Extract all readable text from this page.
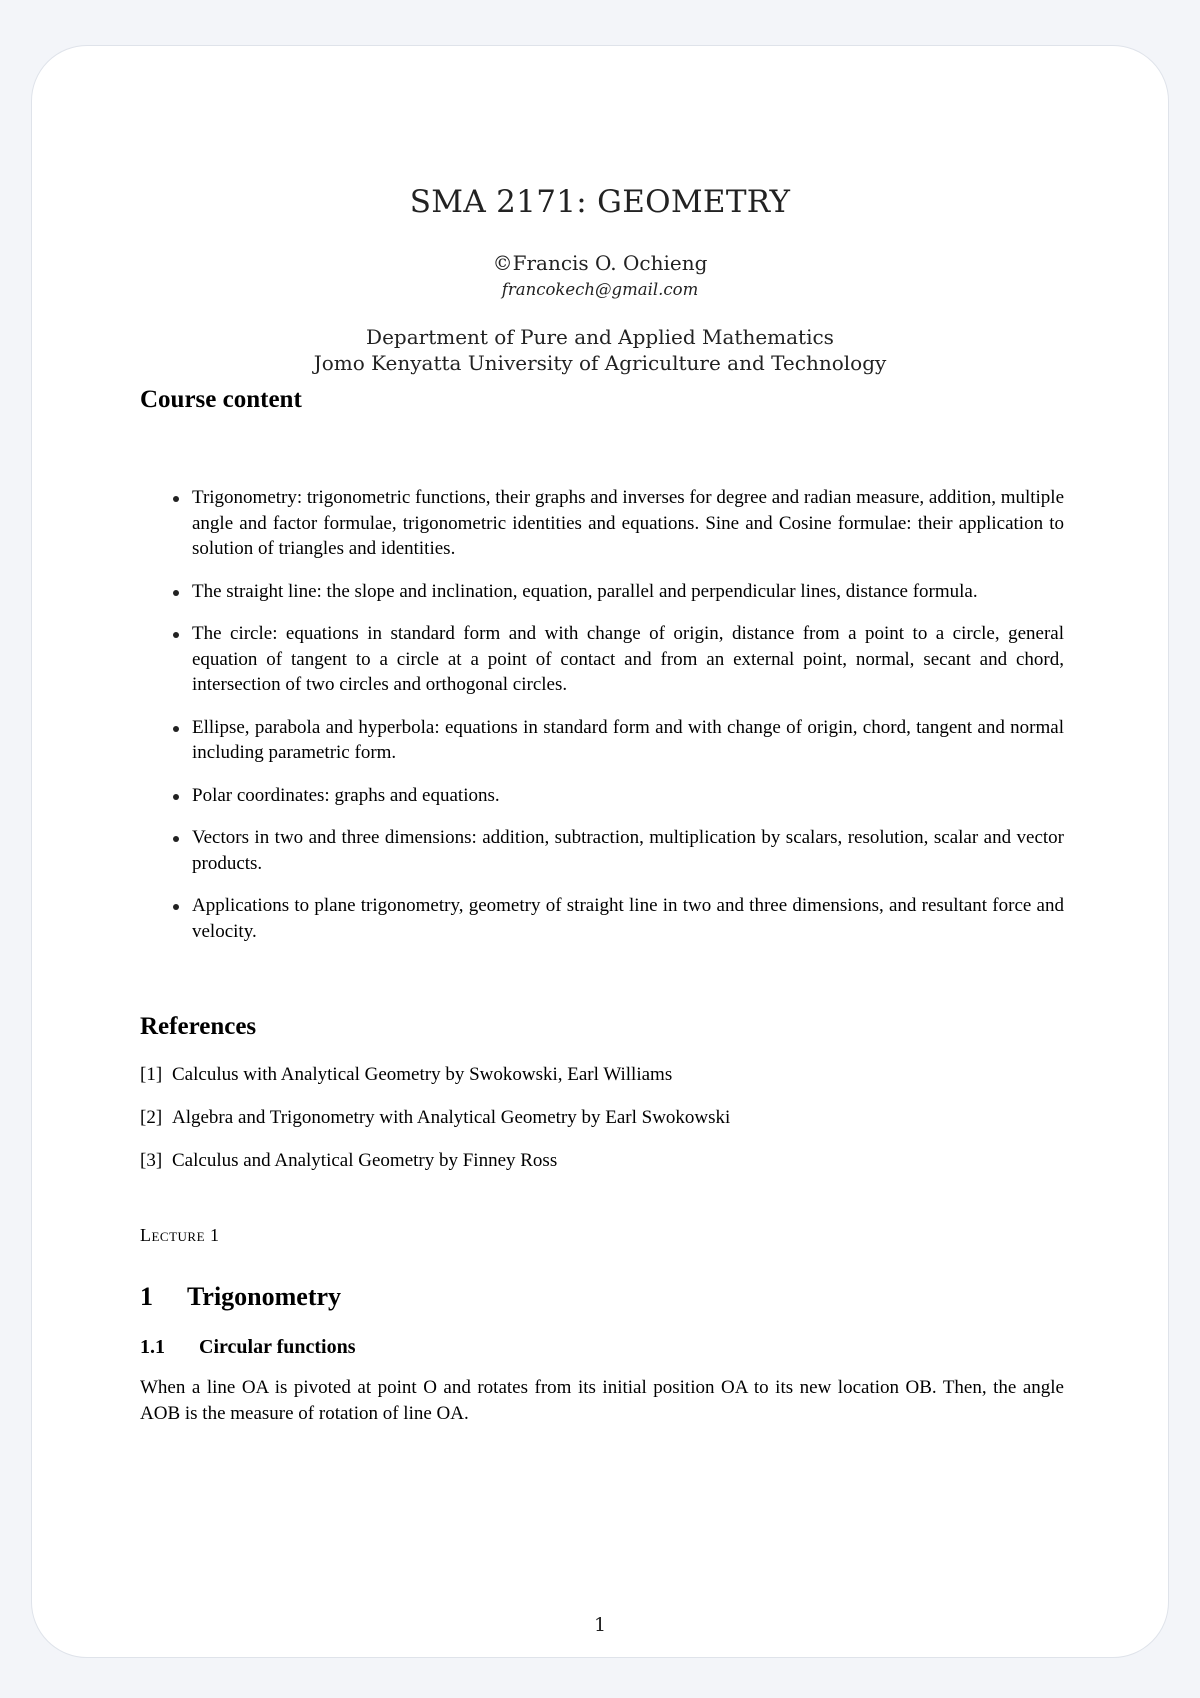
SMA 2171: GEOMETRY
©Francis O. Ochieng
francokech@gmail.com
Department of Pure and Applied Mathematics
Jomo Kenyatta University of Agriculture and Technology
Course content
Trigonometry: trigonometric functions, their graphs and inverses for degree and radian measure, addition, multiple angle and factor formulae, trigonometric identities and equations. Sine and Cosine formulae: their application to solution of triangles and identities.
The straight line: the slope and inclination, equation, parallel and perpendicular lines, distance formula.
The circle: equations in standard form and with change of origin, distance from a point to a circle, general equation of tangent to a circle at a point of contact and from an external point, normal, secant and chord, intersection of two circles and orthogonal circles.
Ellipse, parabola and hyperbola: equations in standard form and with change of origin, chord, tangent and normal including parametric form.
Polar coordinates: graphs and equations.
Vectors in two and three dimensions: addition, subtraction, multiplication by scalars, resolution, scalar and vector products.
Applications to plane trigonometry, geometry of straight line in two and three dimensions, and resultant force and velocity.
References
[1] Calculus with Analytical Geometry by Swokowski, Earl Williams
[2] Algebra and Trigonometry with Analytical Geometry by Earl Swokowski
[3] Calculus and Analytical Geometry by Finney Ross
Lecture 1
1 Trigonometry
1.1 Circular functions
When a line OA is pivoted at point O and rotates from its initial position OA to its new location OB. Then, the angle AOB is the measure of rotation of line OA.
1
